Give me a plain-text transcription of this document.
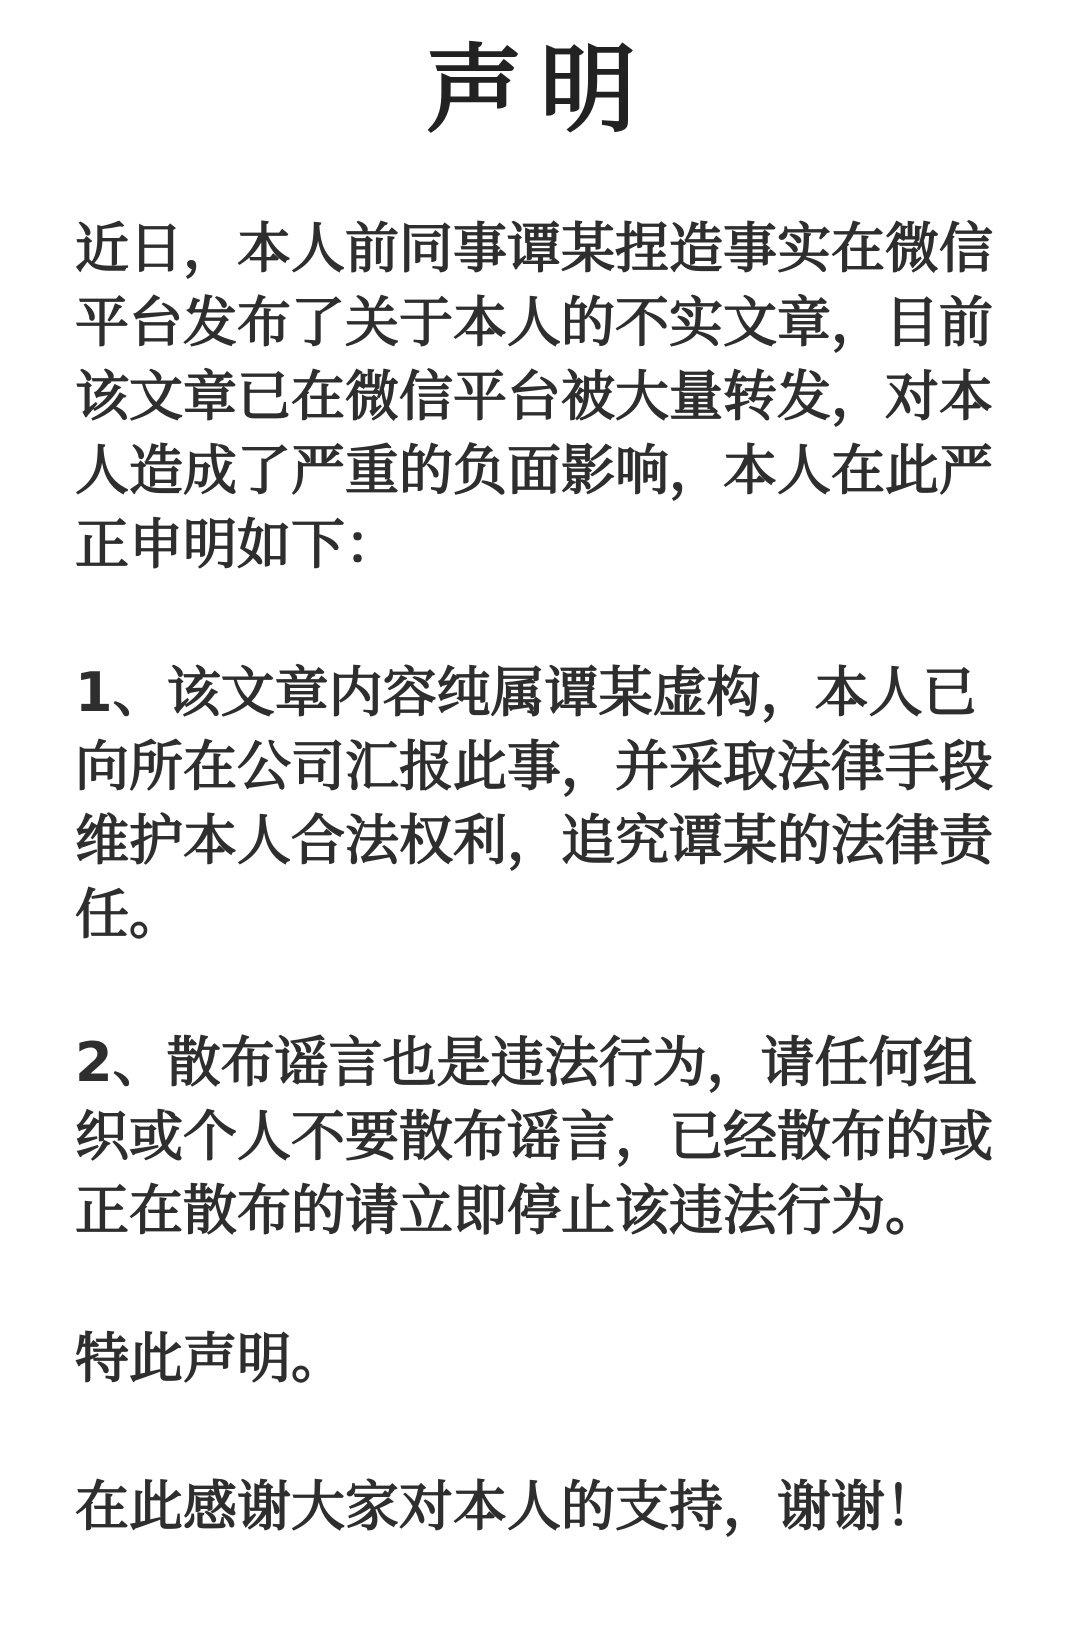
声明

近日，本人前同事谭某捏造事实在微信平台发布了关于本人的不实文章，目前该文章已在微信平台被大量转发，对本人造成了严重的负面影响，本人在此严正申明如下：

1、该文章内容纯属谭某虚构，本人已向所在公司汇报此事，并采取法律手段维护本人合法权利，追究谭某的法律责任。

2、散布谣言也是违法行为，请任何组织或个人不要散布谣言，已经散布的或正在散布的请立即停止该违法行为。

特此声明。

在此感谢大家对本人的支持，谢谢！
